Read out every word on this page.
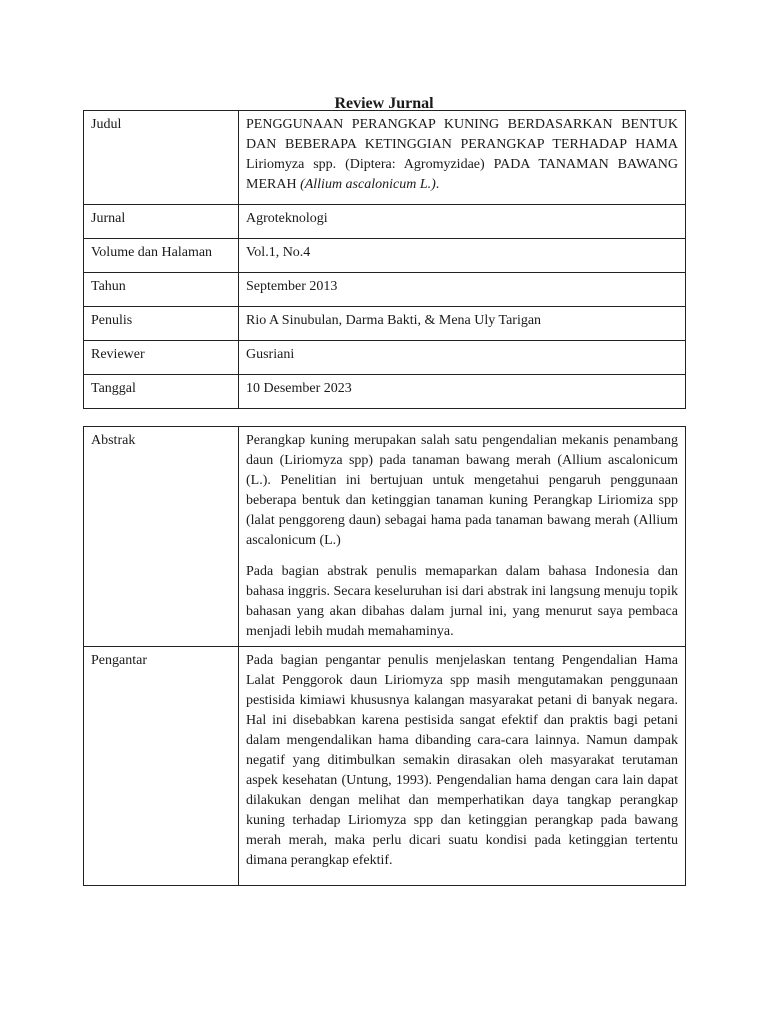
Review Jurnal
Judul	PENGGUNAAN PERANGKAP KUNING BERDASARKAN BENTUK DAN BEBERAPA KETINGGIAN PERANGKAP TERHADAP HAMA Liriomyza spp. (Diptera: Agromyzidae) PADA TANAMAN BAWANG MERAH (Allium ascalonicum L.).

Jurnal	Agroteknologi
Volume dan Halaman	Vol.1, No.4
Tahun	September 2013
Penulis	Rio A Sinubulan, Darma Bakti, & Mena Uly Tarigan
Reviewer	Gusriani
Tanggal	10 Desember 2023
Abstrak	Perangkap kuning merupakan salah satu pengendalian mekanis penambang daun (Liriomyza spp) pada tanaman bawang merah (Allium ascalonicum (L.). Penelitian ini bertujuan untuk mengetahui pengaruh penggunaan beberapa bentuk dan ketinggian tanaman kuning Perangkap Liriomiza spp (lalat penggoreng daun) sebagai hama pada tanaman bawang merah (Allium ascalonicum (L.)

Pada bagian abstrak penulis memaparkan dalam bahasa Indonesia dan bahasa inggris. Secara keseluruhan isi dari abstrak ini langsung menuju topik bahasan yang akan dibahas dalam jurnal ini, yang menurut saya pembaca menjadi lebih mudah memahaminya.

Pengantar	Pada bagian pengantar penulis menjelaskan tentang Pengendalian Hama Lalat Penggorok daun Liriomyza spp masih mengutamakan penggunaan pestisida kimiawi khususnya kalangan masyarakat petani di banyak negara. Hal ini disebabkan karena pestisida sangat efektif dan praktis bagi petani dalam mengendalikan hama dibanding cara-cara lainnya. Namun dampak negatif yang ditimbulkan semakin dirasakan oleh masyarakat terutaman aspek kesehatan (Untung, 1993). Pengendalian hama dengan cara lain dapat dilakukan dengan melihat dan memperhatikan daya tangkap perangkap kuning terhadap Liriomyza spp dan ketinggian perangkap pada bawang merah merah, maka perlu dicari suatu kondisi pada ketinggian tertentu dimana perangkap efektif.
